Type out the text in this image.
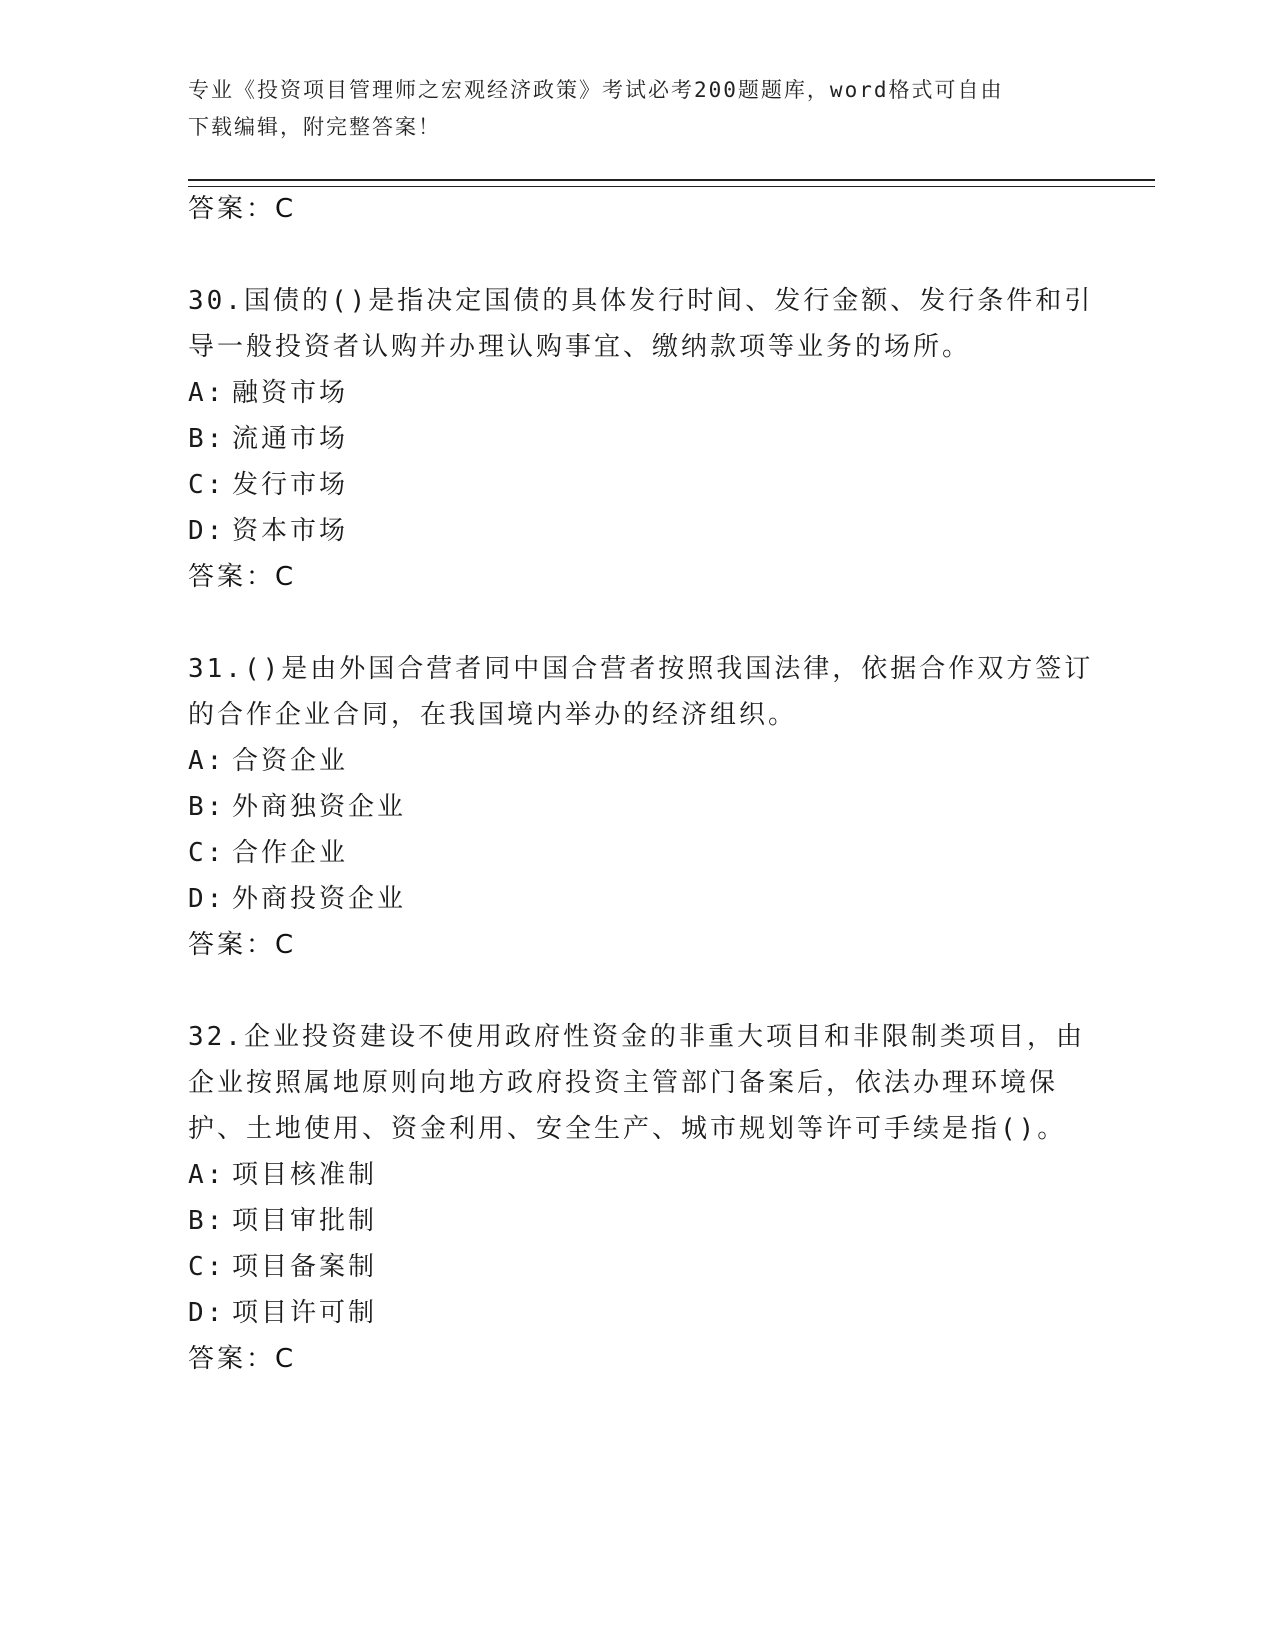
专业《投资项目管理师之宏观经济政策》考试必考200题题库，word格式可自由
下载编辑，附完整答案！
答案：C
30.国债的()是指决定国债的具体发行时间、发行金额、发行条件和引
导一般投资者认购并办理认购事宜、缴纳款项等业务的场所。
A: 融资市场
B: 流通市场
C: 发行市场
D: 资本市场
答案：C
31.()是由外国合营者同中国合营者按照我国法律，依据合作双方签订
的合作企业合同，在我国境内举办的经济组织。
A: 合资企业
B: 外商独资企业
C: 合作企业
D: 外商投资企业
答案：C
32.企业投资建设不使用政府性资金的非重大项目和非限制类项目，由
企业按照属地原则向地方政府投资主管部门备案后，依法办理环境保
护、土地使用、资金利用、安全生产、城市规划等许可手续是指()。
A: 项目核准制
B: 项目审批制
C: 项目备案制
D: 项目许可制
答案：C
